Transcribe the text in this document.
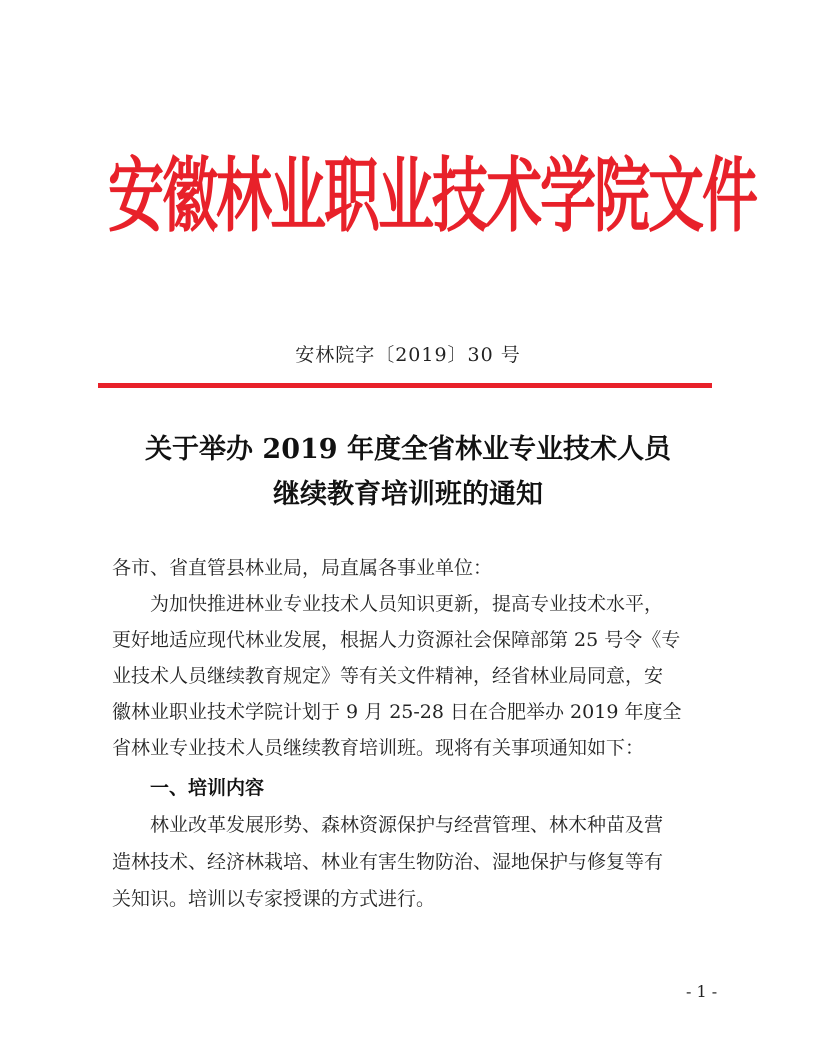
安徽林业职业技术学院文件
安林院字〔2019〕30 号
关于举办 2019 年度全省林业专业技术人员
继续教育培训班的通知
各市、省直管县林业局，局直属各事业单位：
　　为加快推进林业专业技术人员知识更新，提高专业技术水平，
更好地适应现代林业发展，根据人力资源社会保障部第 25 号令《专
业技术人员继续教育规定》等有关文件精神，经省林业局同意，安
徽林业职业技术学院计划于 9 月 25-28 日在合肥举办 2019 年度全
省林业专业技术人员继续教育培训班。现将有关事项通知如下：
一、培训内容
　　林业改革发展形势、森林资源保护与经营管理、林木种苗及营
造林技术、经济林栽培、林业有害生物防治、湿地保护与修复等有
关知识。培训以专家授课的方式进行。
- 1 -
